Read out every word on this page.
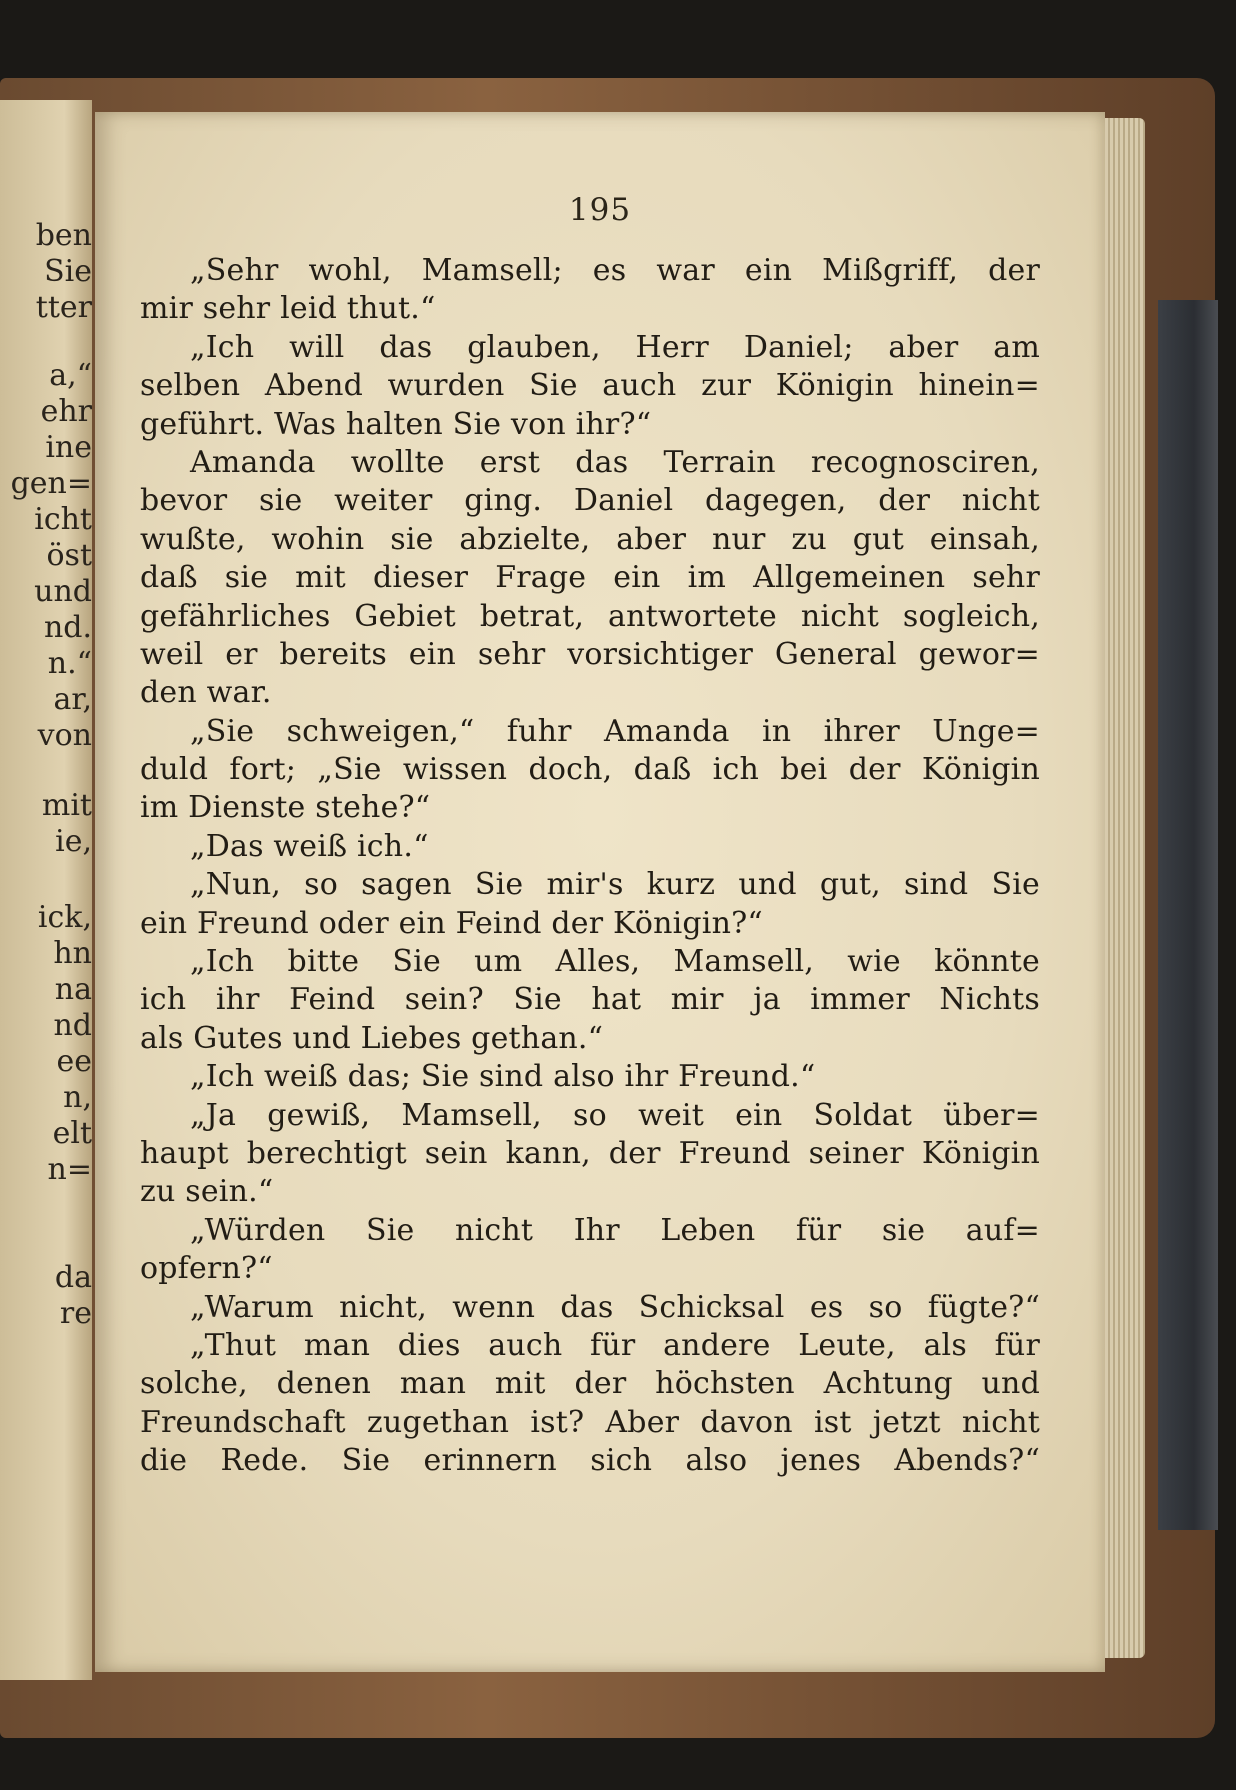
ben
Sie
tter
a,“
ehr
ine
gen=
icht
öst
und
nd.
n.“
ar,
von
mit
ie,
ick,
hn
na
nd
ee
n,
elt
n=
da
re
195
„Sehr wohl, Mamsell; es war ein Mißgriff, der
mir sehr leid thut.“
„Ich will das glauben, Herr Daniel; aber am
selben Abend wurden Sie auch zur Königin hinein=
geführt. Was halten Sie von ihr?“
Amanda wollte erst das Terrain recognosciren,
bevor sie weiter ging. Daniel dagegen, der nicht
wußte, wohin sie abzielte, aber nur zu gut einsah,
daß sie mit dieser Frage ein im Allgemeinen sehr
gefährliches Gebiet betrat, antwortete nicht sogleich,
weil er bereits ein sehr vorsichtiger General gewor=
den war.
„Sie schweigen,“ fuhr Amanda in ihrer Unge=
duld fort; „Sie wissen doch, daß ich bei der Königin
im Dienste stehe?“
„Das weiß ich.“
„Nun, so sagen Sie mir's kurz und gut, sind Sie
ein Freund oder ein Feind der Königin?“
„Ich bitte Sie um Alles, Mamsell, wie könnte
ich ihr Feind sein? Sie hat mir ja immer Nichts
als Gutes und Liebes gethan.“
„Ich weiß das; Sie sind also ihr Freund.“
„Ja gewiß, Mamsell, so weit ein Soldat über=
haupt berechtigt sein kann, der Freund seiner Königin
zu sein.“
„Würden Sie nicht Ihr Leben für sie auf=
opfern?“
„Warum nicht, wenn das Schicksal es so fügte?“
„Thut man dies auch für andere Leute, als für
solche, denen man mit der höchsten Achtung und
Freundschaft zugethan ist? Aber davon ist jetzt nicht
die Rede. Sie erinnern sich also jenes Abends?“
